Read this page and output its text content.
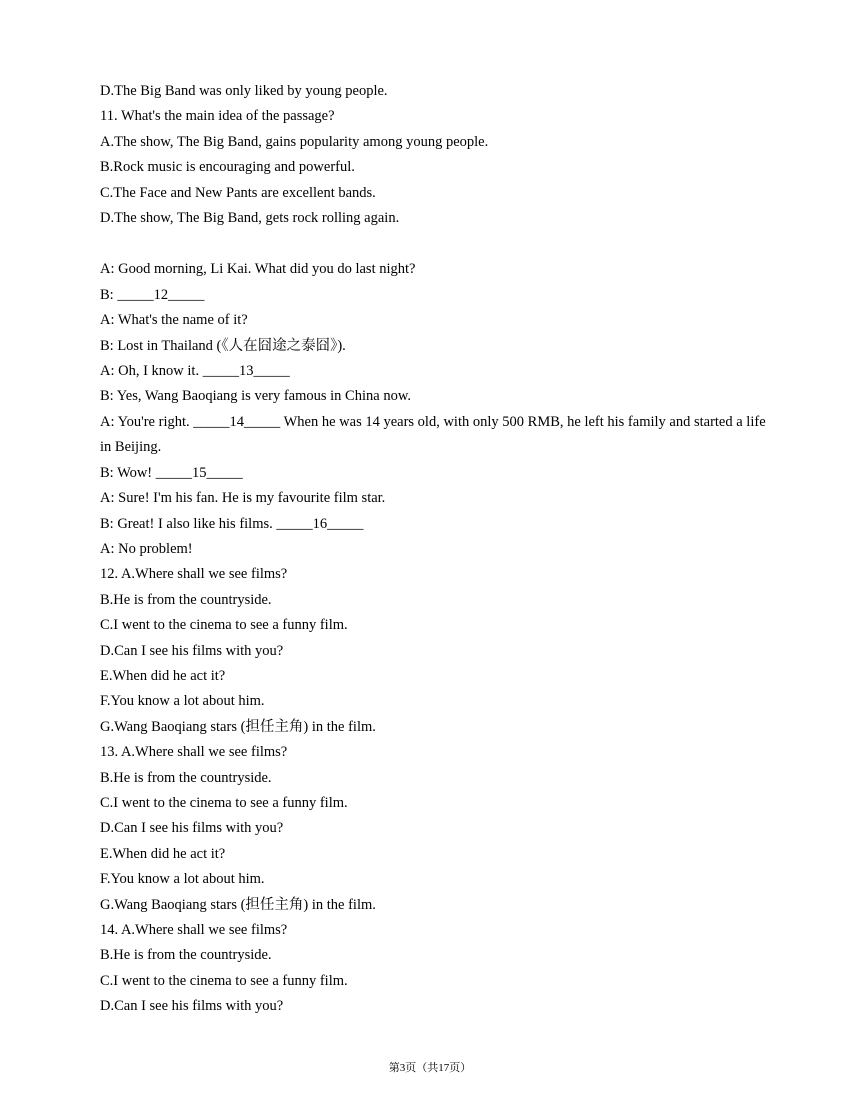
D.The Big Band was only liked by young people.

11. What's the main idea of the passage?

A.The show, The Big Band, gains popularity among young people.

B.Rock music is encouraging and powerful.

C.The Face and New Pants are excellent bands.

D.The show, The Big Band, gets rock rolling again.

A: Good morning, Li Kai. What did you do last night?

B: _____12_____

A: What's the name of it?

B: Lost in Thailand (《人在囧途之泰囧》).

A: Oh, I know it. _____13_____

B: Yes, Wang Baoqiang is very famous in China now.

A: You're right. _____14_____ When he was 14 years old, with only 500 RMB, he left his family and started a life in Beijing.

B: Wow! _____15_____

A: Sure! I'm his fan. He is my favourite film star.

B: Great! I also like his films. _____16_____

A: No problem!

12. A.Where shall we see films?

B.He is from the countryside.

C.I went to the cinema to see a funny film.

D.Can I see his films with you?

E.When did he act it?

F.You know a lot about him.

G.Wang Baoqiang stars (担任主角) in the film.

13. A.Where shall we see films?

B.He is from the countryside.

C.I went to the cinema to see a funny film.

D.Can I see his films with you?

E.When did he act it?

F.You know a lot about him.

G.Wang Baoqiang stars (担任主角) in the film.

14. A.Where shall we see films?

B.He is from the countryside.

C.I went to the cinema to see a funny film.

D.Can I see his films with you?

第3页（共17页）
